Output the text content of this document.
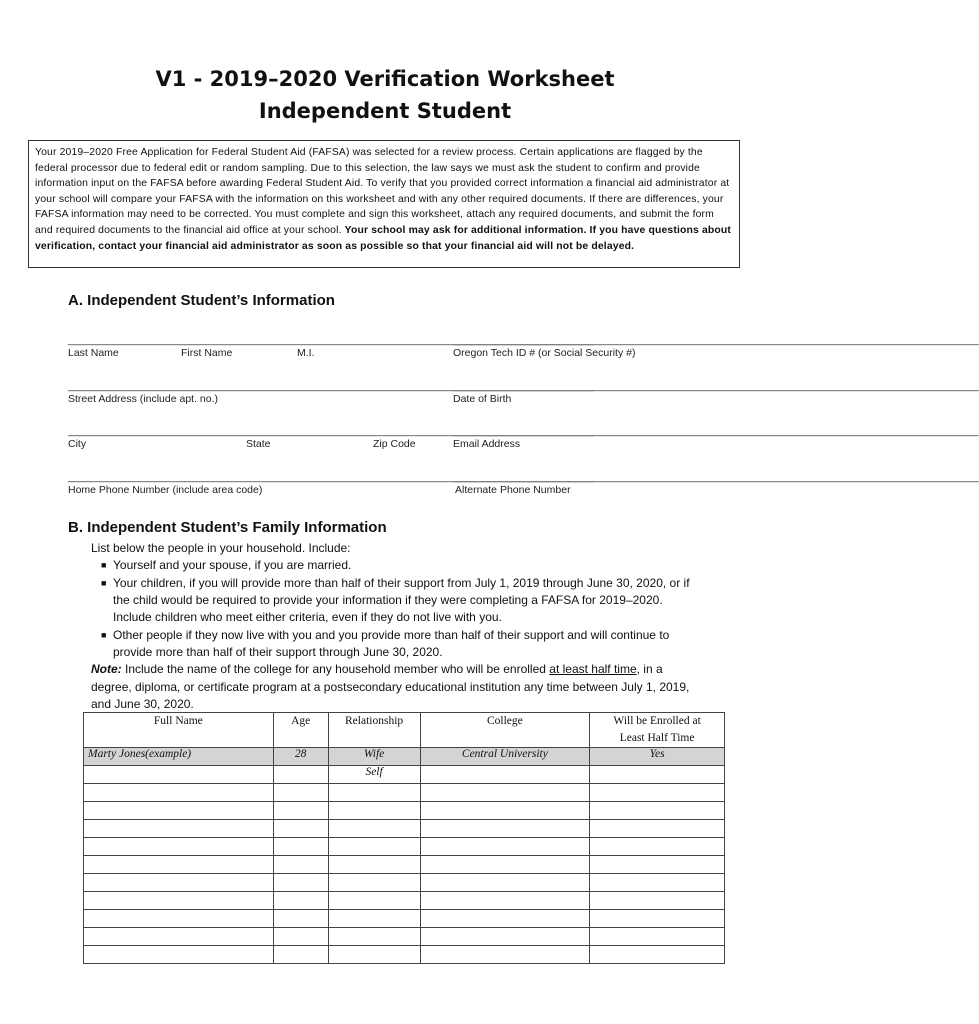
V1 - 2019–2020 Verification Worksheet
Independent Student
Your 2019–2020 Free Application for Federal Student Aid (FAFSA) was selected for a review process. Certain applications are flagged by the federal processor due to federal edit or random sampling. Due to this selection, the law says we must ask the student to confirm and provide information input on the FAFSA before awarding Federal Student Aid. To verify that you provided correct information a financial aid administrator at your school will compare your FAFSA with the information on this worksheet and with any other required documents. If there are differences, your FAFSA information may need to be corrected. You must complete and sign this worksheet, attach any required documents, and submit the form and required documents to the financial aid office at your school. Your school may ask for additional information. If you have questions about verification, contact your financial aid administrator as soon as possible so that your financial aid will not be delayed.
A. Independent Student’s Information
__________________________________________________________________________________________
__________________________________________________________________________________________
Last Name	First Name	M.I.	Oregon Tech ID # (or Social Security #)
__________________________________________________________________________________________
__________________________________________________________________________________________
Street Address (include apt. no.)	Date of Birth
__________________________________________________________________________________________
__________________________________________________________________________________________
City	State	Zip Code	Email Address
__________________________________________________________________________________________
__________________________________________________________________________________________
Home Phone Number (include area code)	Alternate Phone Number
B. Independent Student’s Family Information
List below the people in your household. Include:
■ Yourself and your spouse, if you are married.
■ Your children, if you will provide more than half of their support from July 1, 2019 through June 30, 2020, or if
the child would be required to provide your information if they were completing a FAFSA for 2019–2020.
Include children who meet either criteria, even if they do not live with you.
■ Other people if they now live with you and you provide more than half of their support and will continue to
provide more than half of their support through June 30, 2020.
Note: Include the name of the college for any household member who will be enrolled at least half time, in a
degree, diploma, or certificate program at a postsecondary educational institution any time between July 1, 2019,
and June 30, 2020.
Full Name	Age	Relationship	College	Will be Enrolled at
Least Half Time

Marty Jones(example)	28	Wife	Central University	Yes
		Self		
